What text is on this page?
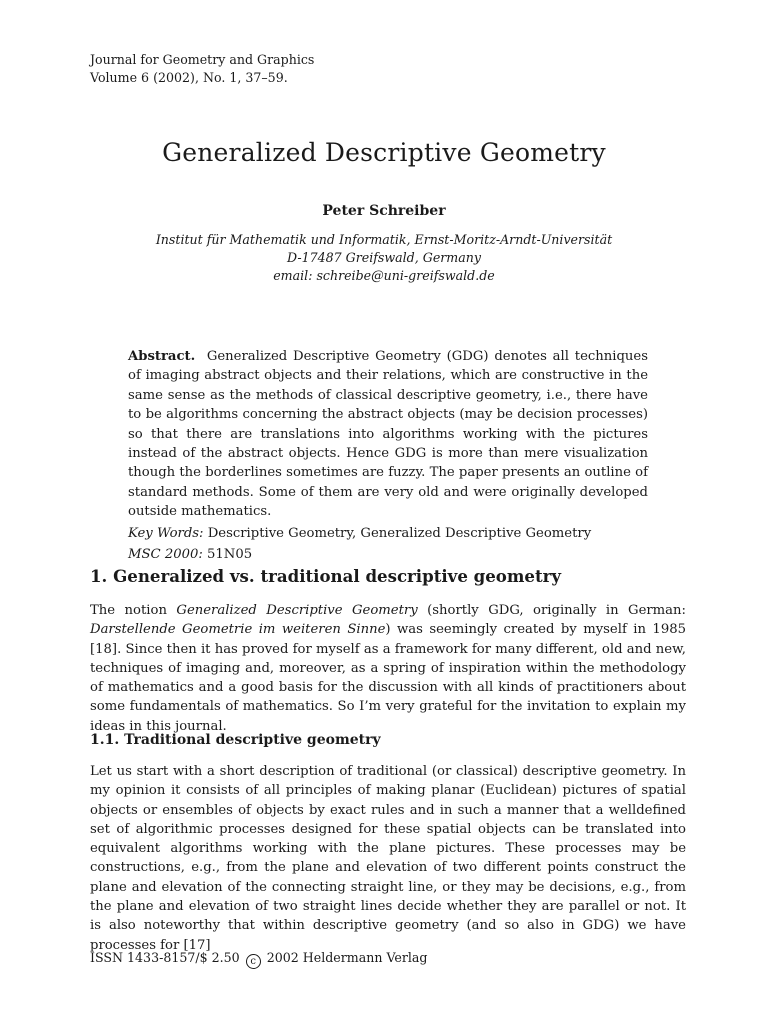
Journal for Geometry and Graphics
Volume 6 (2002), No. 1, 37–59.
Generalized Descriptive Geometry
Peter Schreiber
Institut für Mathematik und Informatik, Ernst-Moritz-Arndt-Universität
D-17487 Greifswald, Germany
email: schreibe@uni-greifswald.de

Abstract. Generalized Descriptive Geometry (GDG) denotes all techniques of imaging abstract objects and their relations, which are constructive in the same sense as the methods of classical descriptive geometry, i.e., there have to be algorithms concerning the abstract objects (may be decision processes) so that there are translations into algorithms working with the pictures instead of the abstract objects. Hence GDG is more than mere visualization though the borderlines sometimes are fuzzy. The paper presents an outline of standard methods. Some of them are very old and were originally developed outside mathematics.

Key Words: Descriptive Geometry, Generalized Descriptive Geometry

MSC 2000: 51N05

1. Generalized vs. traditional descriptive geometry

The notion Generalized Descriptive Geometry (shortly GDG, originally in German: Darstellende Geometrie im weiteren Sinne) was seemingly created by myself in 1985 [18]. Since then it has proved for myself as a framework for many different, old and new, techniques of imaging and, moreover, as a spring of inspiration within the methodology of mathematics and a good basis for the discussion with all kinds of practitioners about some fundamentals of mathematics. So I’m very grateful for the invitation to explain my ideas in this journal.

1.1. Traditional descriptive geometry

Let us start with a short description of traditional (or classical) descriptive geometry. In my opinion it consists of all principles of making planar (Euclidean) pictures of spatial objects or ensembles of objects by exact rules and in such a manner that a welldefined set of algorithmic processes designed for these spatial objects can be translated into equivalent algorithms working with the plane pictures. These processes may be constructions, e.g., from the plane and elevation of two different points construct the plane and elevation of the connecting straight line, or they may be decisions, e.g., from the plane and elevation of two straight lines decide whether they are parallel or not. It is also noteworthy that within descriptive geometry (and so also in GDG) we have processes for [17]

ISSN 1433-8157/$ 2.50 c 2002 Heldermann Verlag
